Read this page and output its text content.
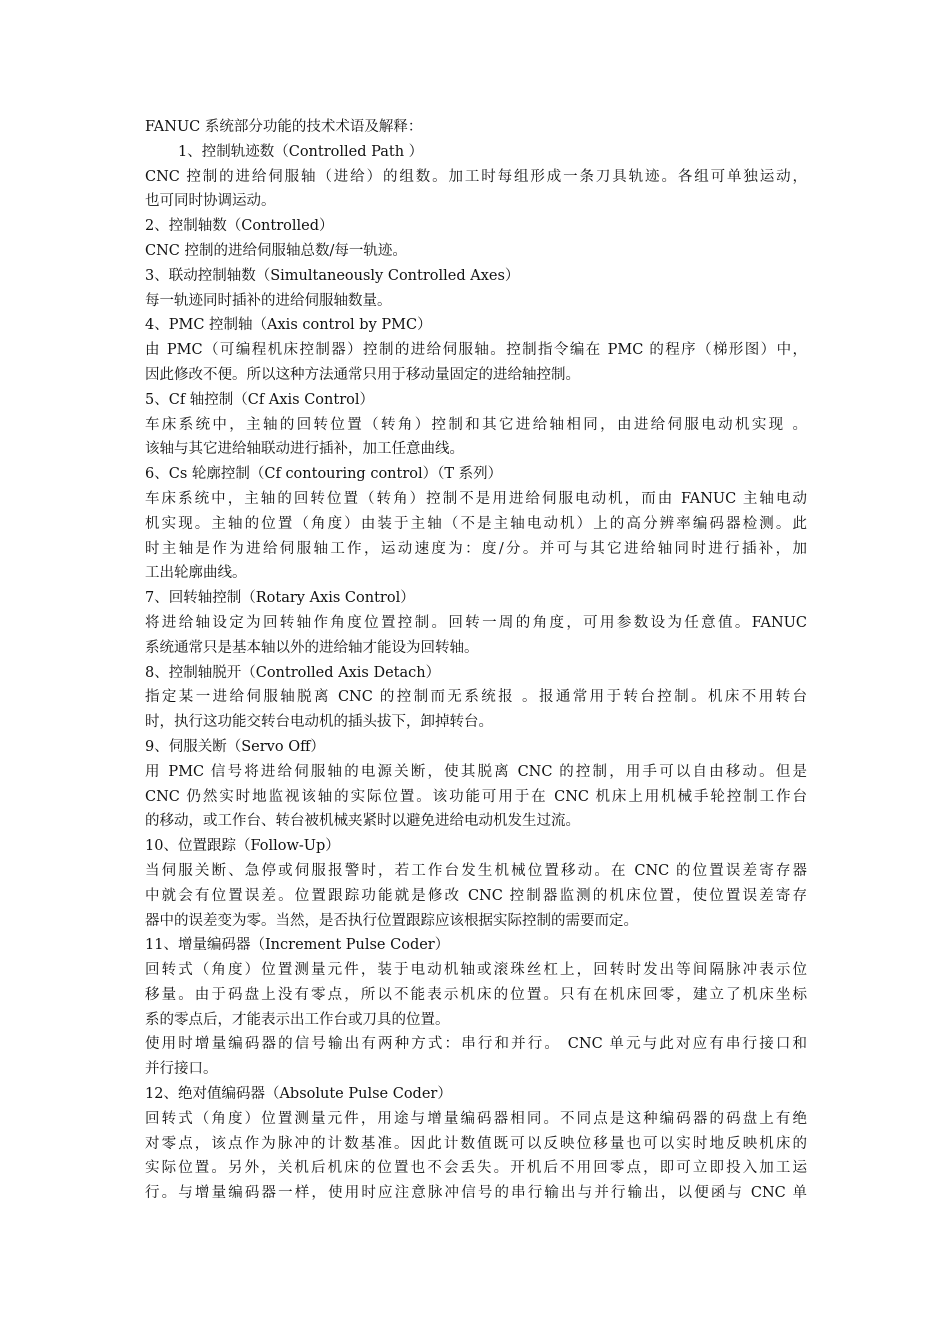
FANUC 系统部分功能的技术术语及解释：
1、控制轨迹数（Controlled Path ）
CNC 控制的进给伺服轴（进给）的组数。加工时每组形成一条刀具轨迹。各组可单独运动，
也可同时协调运动。
2、控制轴数（Controlled）
CNC 控制的进给伺服轴总数/每一轨迹。
3、联动控制轴数（Simultaneously Controlled Axes）
每一轨迹同时插补的进给伺服轴数量。
4、PMC 控制轴（Axis control by PMC）
由 PMC（可编程机床控制器）控制的进给伺服轴。控制指令编在 PMC 的程序（梯形图）中，
因此修改不便。所以这种方法通常只用于移动量固定的进给轴控制。
5、Cf 轴控制（Cf Axis Control）
车床系统中，主轴的回转位置（转角）控制和其它进给轴相同，由进给伺服电动机实现 。
该轴与其它进给轴联动进行插补，加工任意曲线。
6、Cs 轮廓控制（Cf contouring control）（T 系列）
车床系统中，主轴的回转位置（转角）控制不是用进给伺服电动机，而由 FANUC 主轴电动
机实现。主轴的位置（角度）由装于主轴（不是主轴电动机）上的高分辨率编码器检测。此
时主轴是作为进给伺服轴工作，运动速度为：度/分。并可与其它进给轴同时进行插补，加
工出轮廓曲线。
7、回转轴控制（Rotary Axis Control）
将进给轴设定为回转轴作角度位置控制。回转一周的角度，可用参数设为任意值。FANUC
系统通常只是基本轴以外的进给轴才能设为回转轴。
8、控制轴脱开（Controlled Axis Detach）
指定某一进给伺服轴脱离 CNC 的控制而无系统报 。报通常用于转台控制。机床不用转台
时，执行这功能交转台电动机的插头拔下，卸掉转台。
9、伺服关断（Servo Off）
用 PMC 信号将进给伺服轴的电源关断，使其脱离 CNC 的控制，用手可以自由移动。但是
CNC 仍然实时地监视该轴的实际位置。该功能可用于在 CNC 机床上用机械手轮控制工作台
的移动，或工作台、转台被机械夹紧时以避免进给电动机发生过流。
10、位置跟踪（Follow-Up）
当伺服关断、急停或伺服报警时，若工作台发生机械位置移动。在 CNC 的位置误差寄存器
中就会有位置误差。位置跟踪功能就是修改 CNC 控制器监测的机床位置，使位置误差寄存
器中的误差变为零。当然，是否执行位置跟踪应该根据实际控制的需要而定。
11、增量编码器（Increment Pulse Coder）
回转式（角度）位置测量元件，装于电动机轴或滚珠丝杠上，回转时发出等间隔脉冲表示位
移量。由于码盘上没有零点，所以不能表示机床的位置。只有在机床回零，建立了机床坐标
系的零点后，才能表示出工作台或刀具的位置。
使用时增量编码器的信号输出有两种方式：串行和并行。 CNC 单元与此对应有串行接口和
并行接口。
12、绝对值编码器（Absolute Pulse Coder）
回转式（角度）位置测量元件，用途与增量编码器相同。不同点是这种编码器的码盘上有绝
对零点，该点作为脉冲的计数基准。因此计数值既可以反映位移量也可以实时地反映机床的
实际位置。另外，关机后机床的位置也不会丢失。开机后不用回零点，即可立即投入加工运
行。与增量编码器一样，使用时应注意脉冲信号的串行输出与并行输出，以便函与 CNC 单
